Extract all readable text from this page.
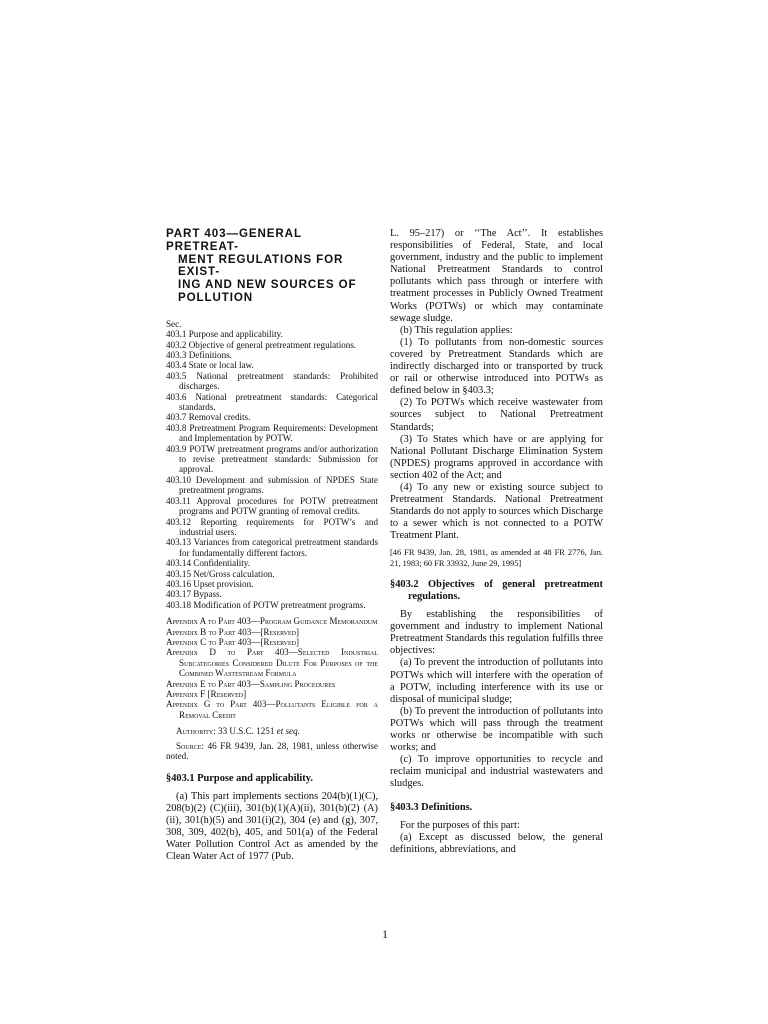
PART 403—GENERAL PRETREAT-
MENT REGULATIONS FOR EXIST-
ING AND NEW SOURCES OF
POLLUTION
Sec.
403.1 Purpose and applicability.
403.2 Objective of general pretreatment regulations.
403.3 Definitions.
403.4 State or local law.
403.5 National pretreatment standards: Prohibited discharges.
403.6 National pretreatment standards: Categorical standards.
403.7 Removal credits.
403.8 Pretreatment Program Requirements: Development and Implementation by POTW.
403.9 POTW pretreatment programs and/or authorization to revise pretreatment standards: Submission for approval.
403.10 Development and submission of NPDES State pretreatment programs.
403.11 Approval procedures for POTW pretreatment programs and POTW granting of removal credits.
403.12 Reporting requirements for POTW’s and industrial users.
403.13 Variances from categorical pretreatment standards for fundamentally different factors.
403.14 Confidentiality.
403.15 Net/Gross calculation.
403.16 Upset provision.
403.17 Bypass.
403.18 Modification of POTW pretreatment programs.
Appendix A to Part 403—Program Guidance Memorandum
Appendix B to Part 403—[Reserved]
Appendix C to Part 403—[Reserved]
Appendix D to Part 403—Selected Industrial Subcategories Considered Dilute For Purposes of the Combined Wastestream Formula
Appendix E to Part 403—Sampling Procedures
Appendix F [Reserved]
Appendix G to Part 403—Pollutants Eligible for a Removal Credit
Authority: 33 U.S.C. 1251 et seq.
Source: 46 FR 9439, Jan. 28, 1981, unless otherwise noted.
§403.1 Purpose and applicability.

(a) This part implements sections 204(b)(1)(C), 208(b)(2) (C)(iii), 301(b)(1)(A)(ii), 301(b)(2) (A)(ii), 301(h)(5) and 301(i)(2), 304 (e) and (g), 307, 308, 309, 402(b), 405, and 501(a) of the Federal Water Pollution Control Act as amended by the Clean Water Act of 1977 (Pub.

L. 95–217) or ‘‘The Act’’. It establishes responsibilities of Federal, State, and local government, industry and the public to implement National Pretreatment Standards to control pollutants which pass through or interfere with treatment processes in Publicly Owned Treatment Works (POTWs) or which may contaminate sewage sludge.

(b) This regulation applies:

(1) To pollutants from non-domestic sources covered by Pretreatment Standards which are indirectly discharged into or transported by truck or rail or otherwise introduced into POTWs as defined below in §403.3;

(2) To POTWs which receive wastewater from sources subject to National Pretreatment Standards;

(3) To States which have or are applying for National Pollutant Discharge Elimination System (NPDES) programs approved in accordance with section 402 of the Act; and

(4) To any new or existing source subject to Pretreatment Standards. National Pretreatment Standards do not apply to sources which Discharge to a sewer which is not connected to a POTW Treatment Plant.

[46 FR 9439, Jan. 28, 1981, as amended at 48 FR 2776, Jan. 21, 1983; 60 FR 33932, June 29, 1995]
§403.2 Objectives of general pretreatment regulations.

By establishing the responsibilities of government and industry to implement National Pretreatment Standards this regulation fulfills three objectives:

(a) To prevent the introduction of pollutants into POTWs which will interfere with the operation of a POTW, including interference with its use or disposal of municipal sludge;

(b) To prevent the introduction of pollutants into POTWs which will pass through the treatment works or otherwise be incompatible with such works; and

(c) To improve opportunities to recycle and reclaim municipal and industrial wastewaters and sludges.

§403.3 Definitions.

For the purposes of this part:

(a) Except as discussed below, the general definitions, abbreviations, and

1
